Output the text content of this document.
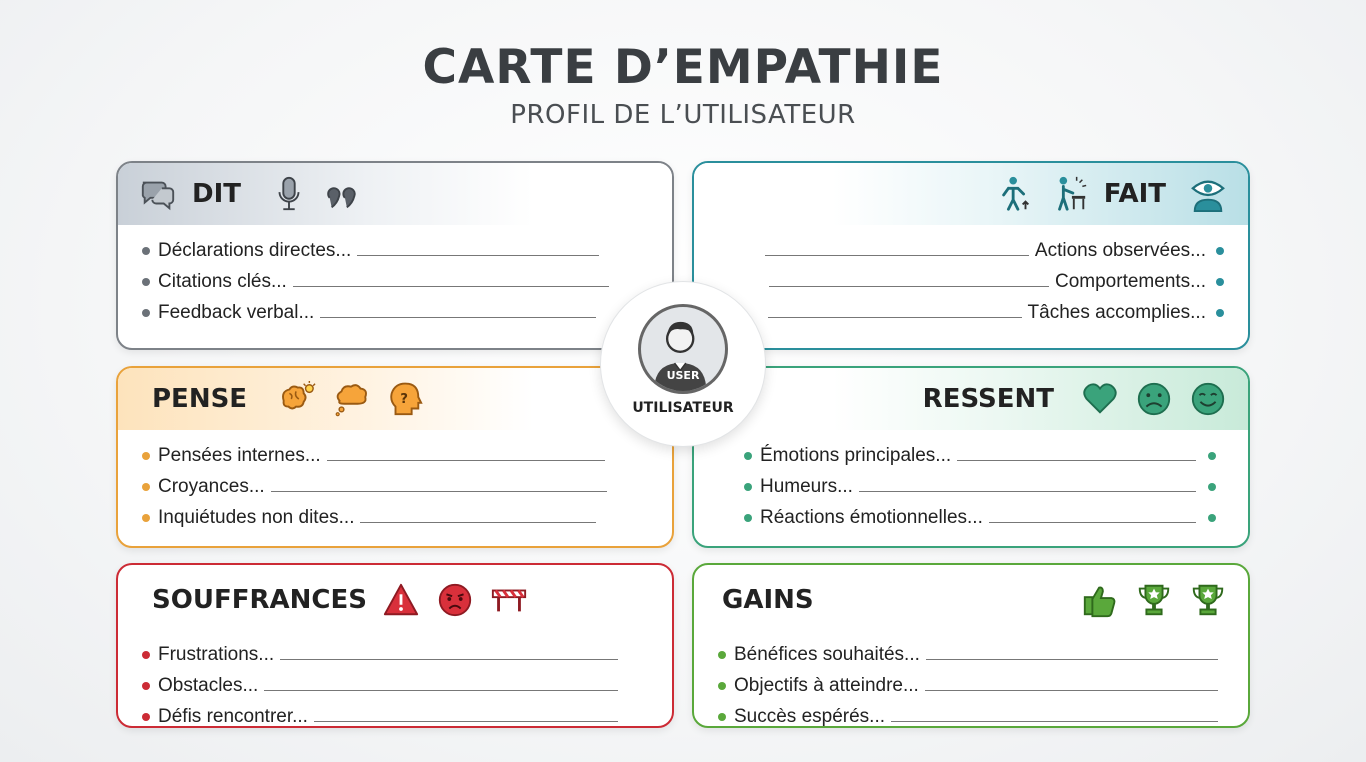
CARTE D’EMPATHIE
PROFIL DE L’UTILISATEUR
DIT
Déclarations directes...
Citations clés...
Feedback verbal...
FAIT
Actions observées...
Comportements...
Tâches accomplies...
PENSE	?
Pensées internes...
Croyances...
Inquiétudes non dites...
RESSENT
Émotions principales...
Humeurs...
Réactions émotionnelles...
SOUFFRANCES
Frustrations...
Obstacles...
Défis rencontrer...
GAINS
Bénéfices souhaités...
Objectifs à atteindre...
Succès espérés...
USER
UTILISATEUR
